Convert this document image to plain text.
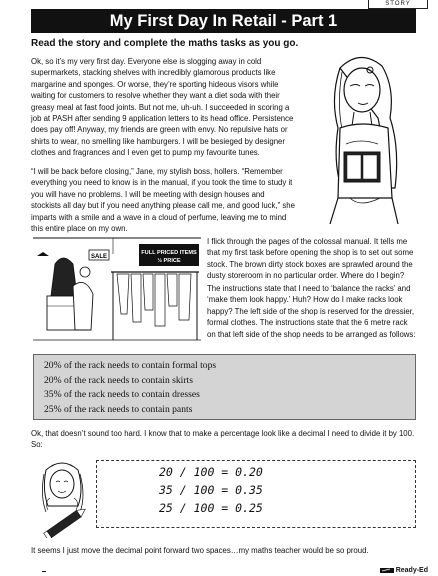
STORY
My First Day In Retail - Part 1
Read the story and complete the maths tasks as you go.
Ok, so it’s my very first day. Everyone else is slogging away in cold supermarkets, stacking shelves with incredibly glamorous products like margarine and sponges. Or worse, they’re sporting hideous visors while waiting for customers to resolve whether they want a diet soda with their greasy meal at fast food joints. But not me, uh-uh. I succeeded in scoring a job at PASH after sending 9 application letters to its head office. Persistence does pay off! Anyway, my friends are green with envy. No repulsive hats or shirts to wear, no smelling like hamburgers. I will be besieged by designer clothes and fragrances and I even get to pump my favourite tunes.
“I will be back before closing,” Jane, my stylish boss, hollers. “Remember everything you need to know is in the manual, if you took the time to study it you will have no problems. I will be meeting with design houses and stockists all day but if you need anything please call me, and good luck,” she imparts with a smile and a wave in a cloud of perfume, leaving me to mind this entire place on my own.
SALE
FULL PRICED ITEMS
½ PRICE
I flick through the pages of the colossal manual. It tells me that my first task before opening the shop is to set out some stock. The brown dirty stock boxes are sprawled around the dusty storeroom in no particular order. Where do I begin?
The instructions state that I need to ‘balance the racks’ and ‘make them look happy.’ Huh? How do I make racks look happy? The left side of the shop is reserved for the dressier, formal clothes. The instructions state that the 6 metre rack on that left side of the shop needs to be arranged as follows:
20% of the rack needs to contain formal tops
20% of the rack needs to contain skirts
35% of the rack needs to contain dresses
25% of the rack needs to contain pants
Ok, that doesn’t sound too hard. I know that to make a percentage look like a decimal I need to divide it by 100. So:
20 / 100 = 0.20
35 / 100 = 0.35
25 / 100 = 0.25
It seems I just move the decimal point forward two spaces…my maths teacher would be so proud.
Ready-Ed
